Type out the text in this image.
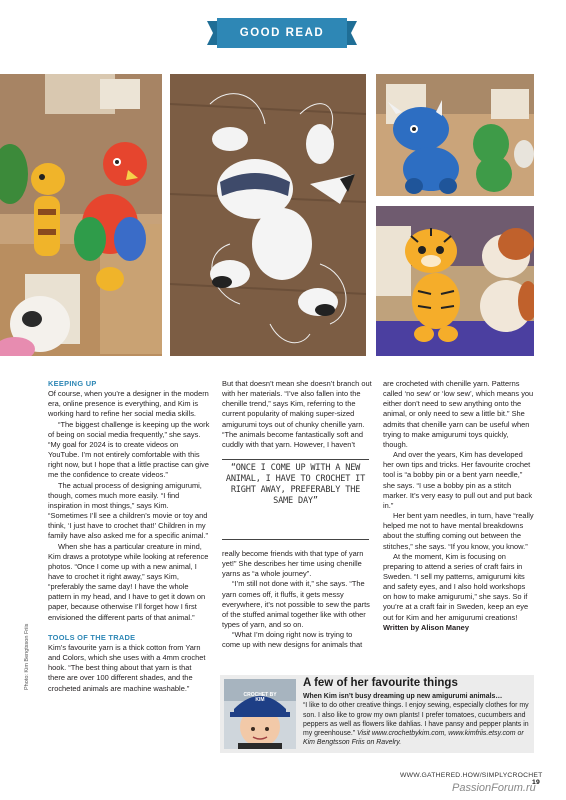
GOOD READ
Photo: Kim Bengtsson Friis

KEEPING UP

Of course, when you’re a designer in the modern era, online presence is everything, and Kim is working hard to refine her social media skills.

“The biggest challenge is keeping up the work of being on social media frequently,” she says. “My goal for 2024 is to create videos on YouTube. I’m not entirely comfortable with this right now, but I hope that a little practise can give me the confidence to create videos.”

The actual process of designing amigurumi, though, comes much more easily. “I find inspiration in most things,” says Kim. “Sometimes I’ll see a children’s movie or toy and think, ‘I just have to crochet that!’ Children in my family have also asked me for a specific animal.”

When she has a particular creature in mind, Kim draws a prototype while looking at reference photos. “Once I come up with a new animal, I have to crochet it right away,” says Kim, “preferably the same day! I have the whole pattern in my head, and I have to get it down on paper, because otherwise I’ll forget how I first envisioned the different parts of that animal.”

TOOLS OF THE TRADE

Kim’s favourite yarn is a thick cotton from Yarn and Colors, which she uses with a 4mm crochet hook. “The best thing about that yarn is that there are over 100 different shades, and the crocheted animals are machine washable.”

But that doesn’t mean she doesn’t branch out with her materials. “I’ve also fallen into the chenille trend,” says Kim, referring to the current popularity of making super-sized amigurumi toys out of chunky chenille yarn. “The animals become fantastically soft and cuddly with that yarn. However, I haven’t

“ONCE I COME UP WITH A NEW ANIMAL, I HAVE TO CROCHET IT RIGHT AWAY, PREFERABLY THE SAME DAY”

really become friends with that type of yarn yet!” She describes her time using chenille yarns as “a whole journey”.

“I’m still not done with it,” she says. “The yarn comes off, it fluffs, it gets messy everywhere, it’s not possible to sew the parts of the stuffed animal together like with other types of yarn, and so on.

“What I’m doing right now is trying to come up with new designs for animals that

are crocheted with chenille yarn. Patterns called ‘no sew’ or ‘low sew’, which means you either don’t need to sew anything onto the animal, or only need to sew a little bit.” She admits that chenille yarn can be useful when trying to make amigurumi toys quickly, though.

And over the years, Kim has developed her own tips and tricks. Her favourite crochet tool is “a bobby pin or a bent yarn needle,” she says. “I use a bobby pin as a stitch marker. It’s very easy to pull out and put back in.”

Her bent yarn needles, in turn, have “really helped me not to have mental breakdowns about the stuffing coming out between the stitches,” she says. “If you know, you know.”

At the moment, Kim is focusing on preparing to attend a series of craft fairs in Sweden. “I sell my patterns, amigurumi kits and safety eyes, and I also hold workshops on how to make amigurumi,” she says. So if you’re at a craft fair in Sweden, keep an eye out for Kim and her amigurumi creations!

Written by Alison Maney

CROCHET BY KIM
A few of her favourite things
When Kim isn’t busy dreaming up new amigurumi animals…
“I like to do other creative things. I enjoy sewing, especially clothes for my son. I also like to grow my own plants! I prefer tomatoes, cucumbers and peppers as well as flowers like dahlias. I have pansy and pepper plants in my greenhouse.” Visit www.crochetbykim.com, www.kimfriis.etsy.com or Kim Bengtsson Friis on Ravelry.
WWW.GATHERED.HOW/SIMPLYCROCHET 19
PassionForum.ru
